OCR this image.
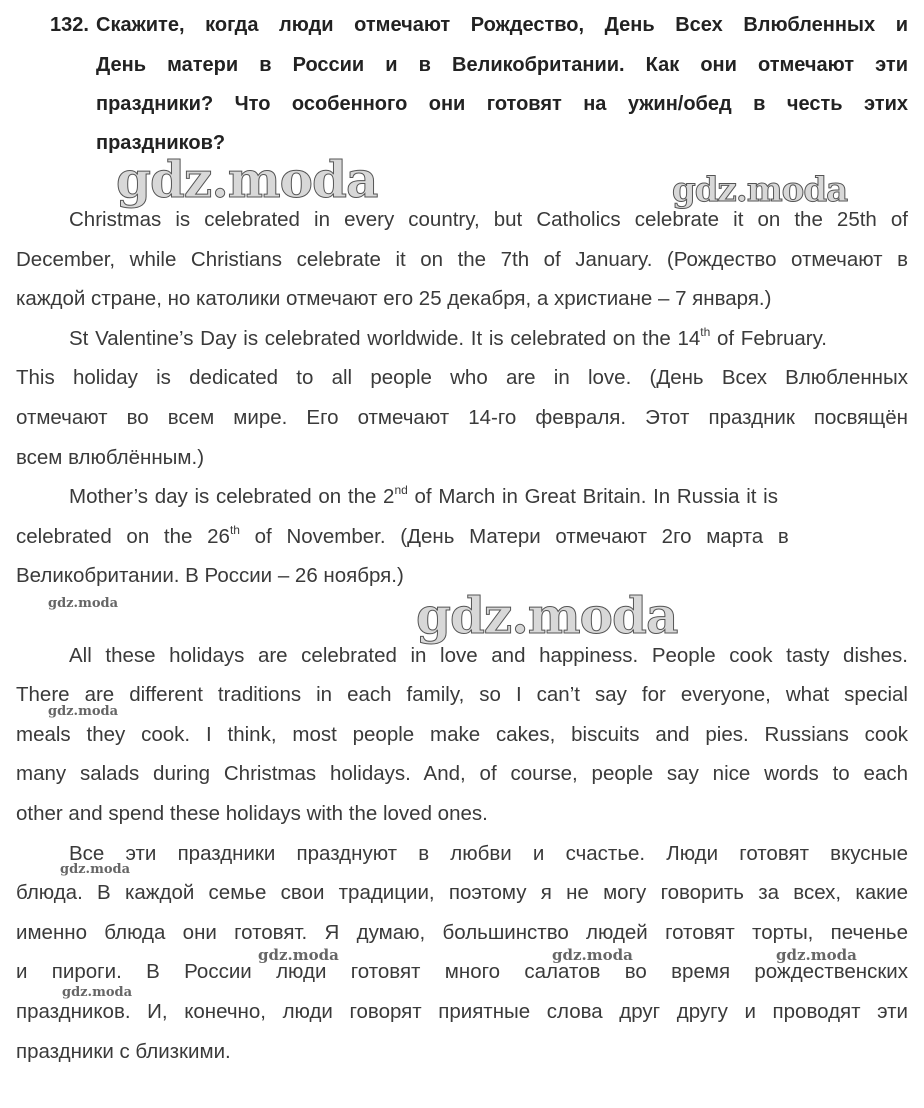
132. Скажите, когда люди отмечают Рождество, День Всех Влюбленных и
День матери в России и в Великобритании. Как они отмечают эти
праздники? Что особенного они готовят на ужин/обед в честь этих
праздников?
Christmas is celebrated in every country, but Catholics celebrate it on the 25th of
December, while Christians celebrate it on the 7th of January. (Рождество отмечают в
каждой стране, но католики отмечают его 25 декабря, а христиане – 7 января.)
St Valentine’s Day is celebrated worldwide. It is celebrated on the 14th of February.
This holiday is dedicated to all people who are in love. (День Всех Влюбленных
отмечают во всем мире. Его отмечают 14-го февраля. Этот праздник посвящён
всем влюблённым.)
Mother’s day is celebrated on the 2nd of March in Great Britain. In Russia it is
celebrated on the 26th of November. (День Матери отмечают 2го марта в
Великобритании. В России – 26 ноября.)
All these holidays are celebrated in love and happiness. People cook tasty dishes.
There are different traditions in each family, so I can’t say for everyone, what special
meals they cook. I think, most people make cakes, biscuits and pies. Russians cook
many salads during Christmas holidays. And, of course, people say nice words to each
other and spend these holidays with the loved ones.
Все эти праздники празднуют в любви и счастье. Люди готовят вкусные
блюда. В каждой семье свои традиции, поэтому я не могу говорить за всех, какие
именно блюда они готовят. Я думаю, большинство людей готовят торты, печенье
и пироги. В России люди готовят много салатов во время рождественских
праздников. И, конечно, люди говорят приятные слова друг другу и проводят эти
праздники с близкими.
gdz.moda	gdz.moda
gdz.moda
gdz.moda
gdz.moda
gdz.moda
gdz.moda	gdz.moda	gdz.moda
gdz.moda
